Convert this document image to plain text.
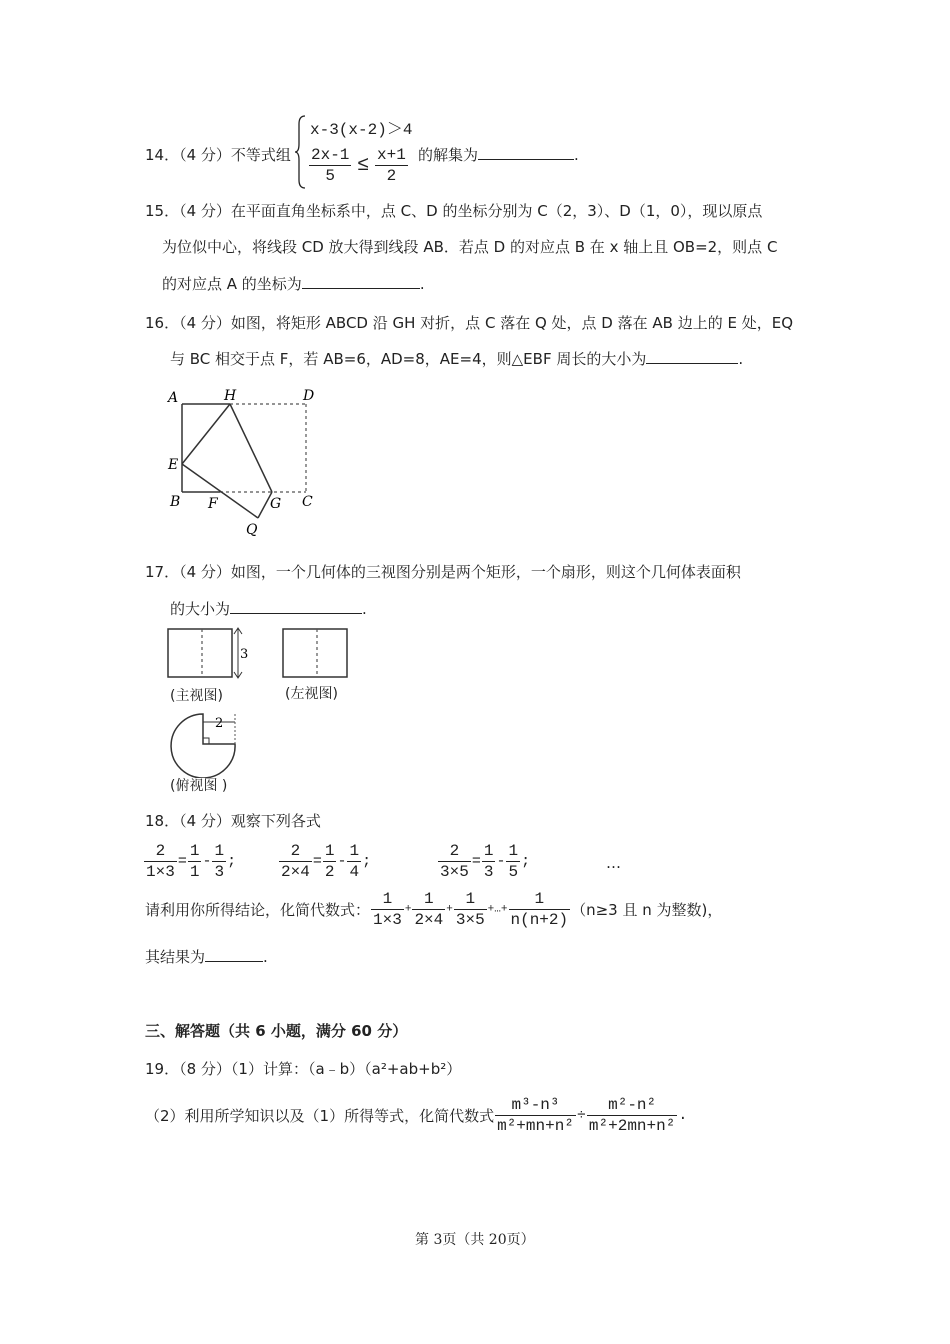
14．（4 分）不等式组
x-3(x-2)＞4
$\frac{2x-1}{5} \le \frac{x+1}{2}$ 的解集为	.
15．（4 分）在平面直角坐标系中，点 C、D 的坐标分别为 C（2，3）、D（1，0），现以原点
为位似中心，将线段 CD 放大得到线段 AB．若点 D 的对应点 B 在 x 轴上且 OB=2，则点 C
的对应点 A 的坐标为	.
16．（4 分）如图，将矩形 ABCD 沿 GH 对折，点 C 落在 Q 处，点 D 落在 AB 边上的 E 处，EQ
与 BC 相交于点 F，若 AB=6，AD=8，AE=4，则△EBF 周长的大小为	.
A	H	D
E
B F	G C
Q
17．（4 分）如图，一个几何体的三视图分别是两个矩形，一个扇形，则这个几何体表面积
的大小为	.
3
(主视图)	(左视图)
2
(俯视图 )
18．（4 分）观察下列各式
$\frac{2}{1\times 3} = \frac{1}{1} - \frac{1}{3}$ ;	$\frac{2}{2\times 4} = \frac{1}{2} - \frac{1}{4}$ ;	$\frac{2}{3\times 5} = \frac{1}{3} - \frac{1}{5}$ ;	…
请利用你所得结论，化简代数式： $\frac{1}{1\times 3} + \frac{1}{2\times 4} + \frac{1}{3\times 5}$ +…+ $\frac{1}{n(n+2)} (n\ge 3$ 且 n 为整数)，
其结果为	.
三、解答题（共 6 小题，满分 60 分）
19．（8 分）（1）计算：（a﹣b）（a²+ab+b²）
（2）利用所学知识以及（1）所得等式，化简代数式 $\frac{\text{m³-n³}}{\text{m²+mn+n²}} \div \frac{\text{m²-n²}}{\text{m²+2mn+n²}}$ .
第 3页（共 20页）
